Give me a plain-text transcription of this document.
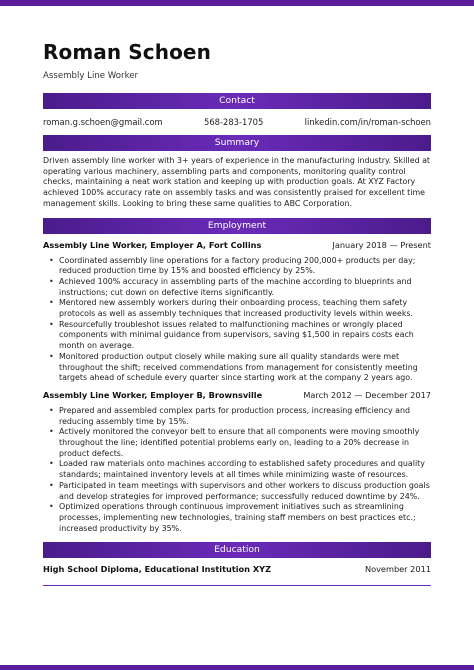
Roman Schoen
Assembly Line Worker
Contact
roman.g.schoen@gmail.com	568-283-1705	linkedin.com/in/roman-schoen
Summary
Driven assembly line worker with 3+ years of experience in the manufacturing industry. Skilled at operating various machinery, assembling parts and components, monitoring quality control checks, maintaining a neat work station and keeping up with production goals. At XYZ Factory achieved 100% accuracy rate on assembly tasks and was consistently praised for excellent time management skills. Looking to bring these same qualities to ABC Corporation.
Employment
Assembly Line Worker, Employer A, Fort Collins	January 2018 — Present
• Coordinated assembly line operations for a factory producing 200,000+ products per day; reduced production time by 15% and boosted efficiency by 25%.
• Achieved 100% accuracy in assembling parts of the machine according to blueprints and instructions; cut down on defective items significantly.
• Mentored new assembly workers during their onboarding process, teaching them safety protocols as well as assembly techniques that increased productivity levels within weeks.
• Resourcefully troubleshot issues related to malfunctioning machines or wrongly placed components with minimal guidance from supervisors, saving $1,500 in repairs costs each month on average.
• Monitored production output closely while making sure all quality standards were met throughout the shift; received commendations from management for consistently meeting targets ahead of schedule every quarter since starting work at the company 2 years ago.
Assembly Line Worker, Employer B, Brownsville	March 2012 — December 2017
• Prepared and assembled complex parts for production process, increasing efficiency and reducing assembly time by 15%.
• Actively monitored the conveyor belt to ensure that all components were moving smoothly throughout the line; identified potential problems early on, leading to a 20% decrease in product defects.
• Loaded raw materials onto machines according to established safety procedures and quality standards; maintained inventory levels at all times while minimizing waste of resources.
• Participated in team meetings with supervisors and other workers to discuss production goals and develop strategies for improved performance; successfully reduced downtime by 24%.
• Optimized operations through continuous improvement initiatives such as streamlining processes, implementing new technologies, training staff members on best practices etc.; increased productivity by 35%.
Education
High School Diploma, Educational Institution XYZ	November 2011
